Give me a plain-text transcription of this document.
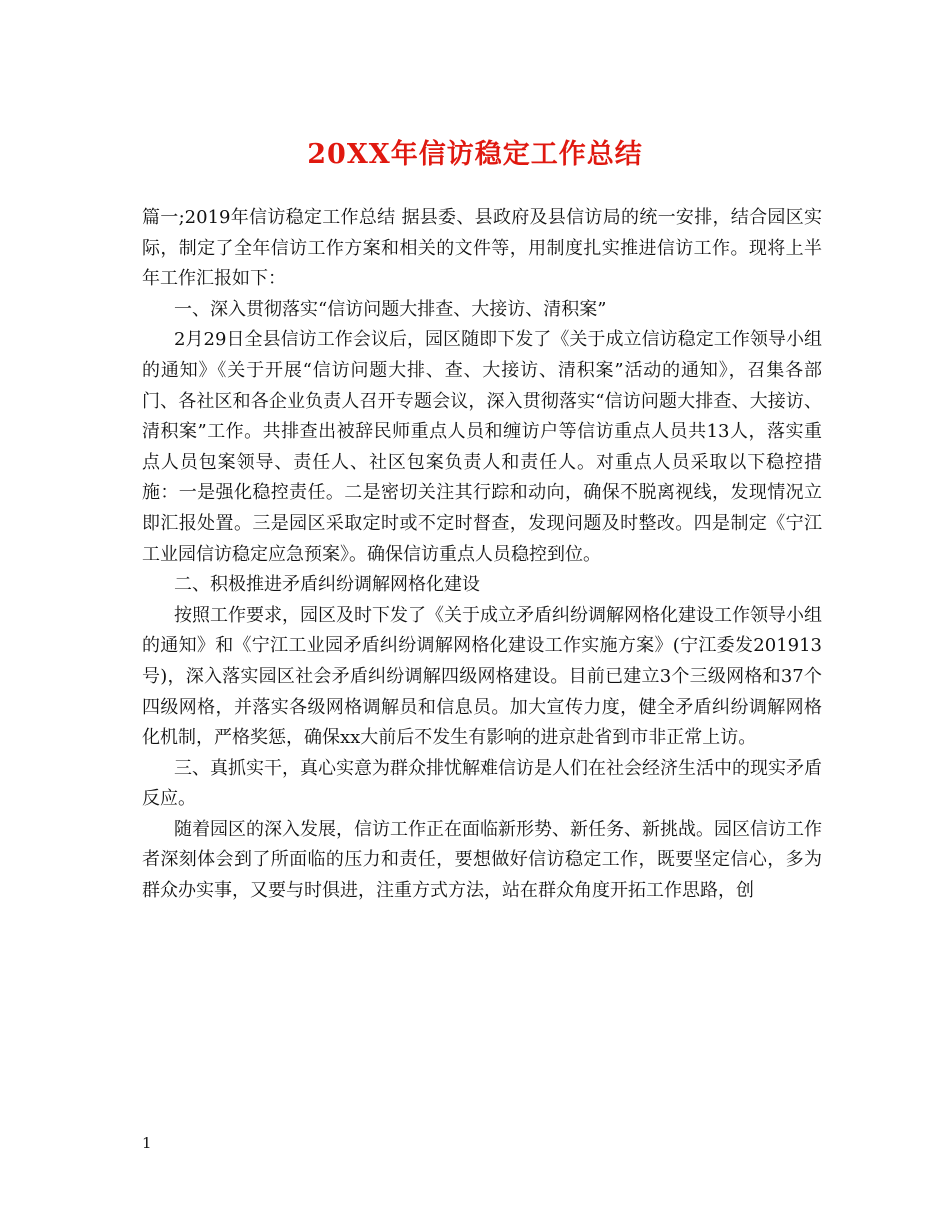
20XX年信访稳定工作总结

篇一;2019年信访稳定工作总结 据县委、县政府及县信访局的统一安排，结合园区实际，制定了全年信访工作方案和相关的文件等，用制度扎实推进信访工作。现将上半年工作汇报如下：

一、深入贯彻落实“信访问题大排查、大接访、清积案”

2月29日全县信访工作会议后，园区随即下发了《关于成立信访稳定工作领导小组的通知》《关于开展“信访问题大排、查、大接访、清积案”活动的通知》，召集各部门、各社区和各企业负责人召开专题会议，深入贯彻落实“信访问题大排查、大接访、清积案”工作。共排查出被辞民师重点人员和缠访户等信访重点人员共13人，落实重点人员包案领导、责任人、社区包案负责人和责任人。对重点人员采取以下稳控措施：一是强化稳控责任。二是密切关注其行踪和动向，确保不脱离视线，发现情况立即汇报处置。三是园区采取定时或不定时督查，发现问题及时整改。四是制定《宁江工业园信访稳定应急预案》。确保信访重点人员稳控到位。

二、积极推进矛盾纠纷调解网格化建设

按照工作要求，园区及时下发了《关于成立矛盾纠纷调解网格化建设工作领导小组的通知》和《宁江工业园矛盾纠纷调解网格化建设工作实施方案》(宁江委发201913号)，深入落实园区社会矛盾纠纷调解四级网格建设。目前已建立3个三级网格和37个四级网格，并落实各级网格调解员和信息员。加大宣传力度，健全矛盾纠纷调解网格化机制，严格奖惩，确保xx大前后不发生有影响的进京赴省到市非正常上访。

三、真抓实干，真心实意为群众排忧解难信访是人们在社会经济生活中的现实矛盾反应。

随着园区的深入发展，信访工作正在面临新形势、新任务、新挑战。园区信访工作者深刻体会到了所面临的压力和责任，要想做好信访稳定工作，既要坚定信心，多为群众办实事，又要与时俱进，注重方式方法，站在群众角度开拓工作思路，创

1
